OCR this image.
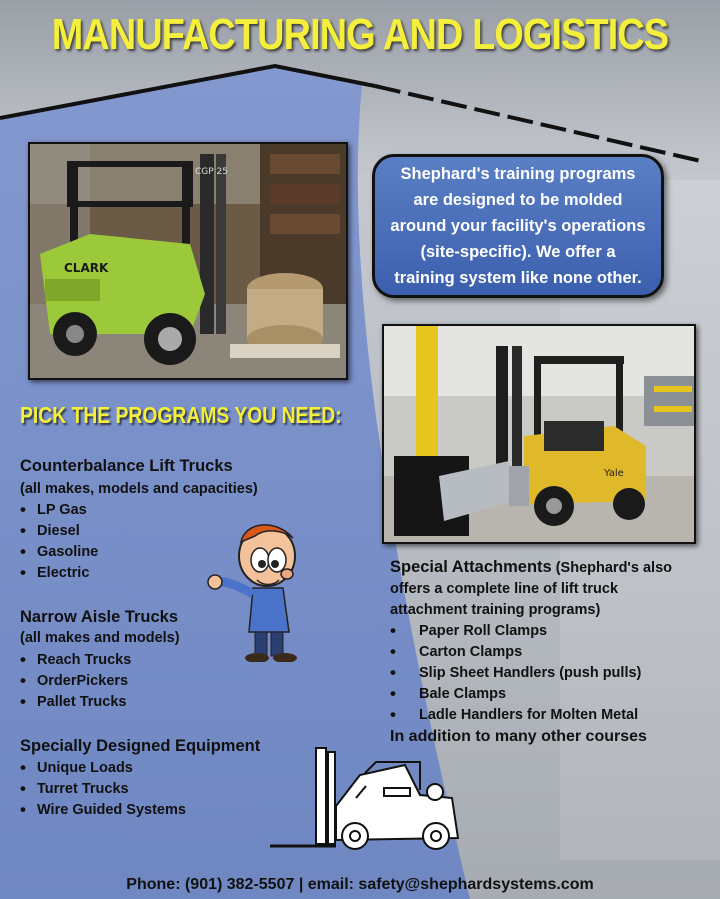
MANUFACTURING AND LOGISTICS
CLARK
CGP 25	Shephard's training programs
are designed to be molded
around your facility's operations
(site-specific). We offer a
training system like none other.
Yale
PICK THE PROGRAMS YOU NEED:
Counterbalance Lift Trucks
(all makes, models and capacities)
• LP Gas
• Diesel
• Gasoline
• Electric
Narrow Aisle Trucks
(all makes and models)
• Reach Trucks
• OrderPickers
• Pallet Trucks
Specially Designed Equipment
• Unique Loads
• Turret Trucks
• Wire Guided Systems
Special Attachments (Shephard's also offers a complete line of lift truck attachment training programs)
• Paper Roll Clamps
• Carton Clamps
• Slip Sheet Handlers (push pulls)
• Bale Clamps
• Ladle Handlers for Molten Metal
In addition to many other courses
Phone: (901) 382-5507 | email: safety@shephardsystems.com
